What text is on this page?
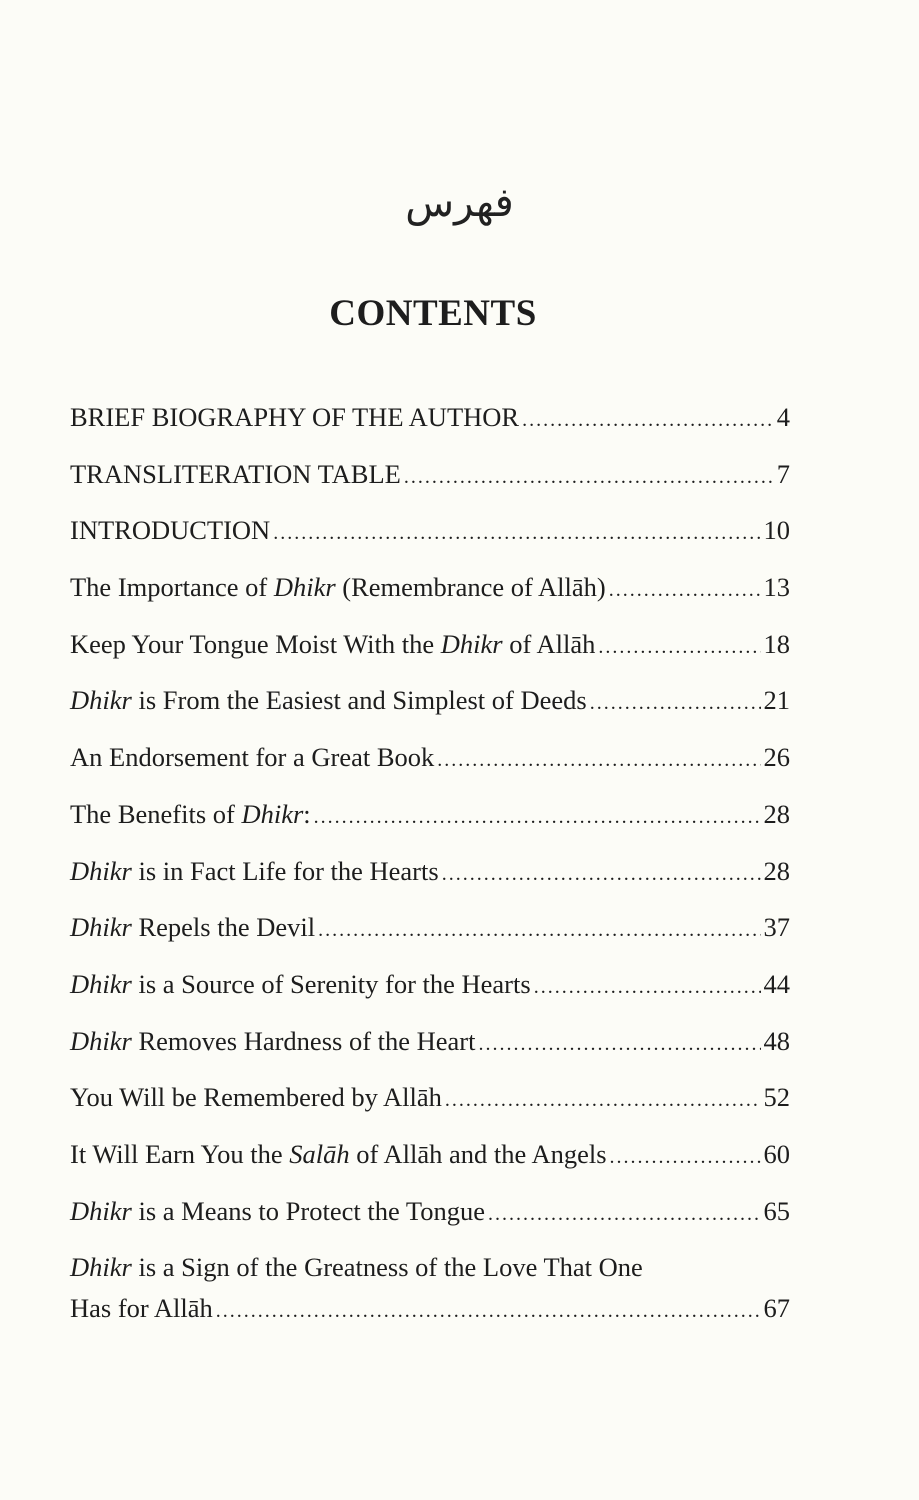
فهرس
CONTENTS
BRIEF BIOGRAPHY OF THE AUTHOR .....	4
TRANSLITERATION TABLE .....	7
INTRODUCTION .....	10
The Importance of Dhikr (Remembrance of Allāh) .....	13
Keep Your Tongue Moist With the Dhikr of Allāh .....	18
Dhikr is From the Easiest and Simplest of Deeds .....	21
An Endorsement for a Great Book .....	26
The Benefits of Dhikr: .....	28
Dhikr is in Fact Life for the Hearts .....	28
Dhikr Repels the Devil .....	37
Dhikr is a Source of Serenity for the Hearts .....	44
Dhikr Removes Hardness of the Heart .....	48
You Will be Remembered by Allāh .....	52
It Will Earn You the Salāh of Allāh and the Angels .....	60
Dhikr is a Means to Protect the Tongue .....	65
Dhikr is a Sign of the Greatness of the Love That One
Has for Allāh .....	67
